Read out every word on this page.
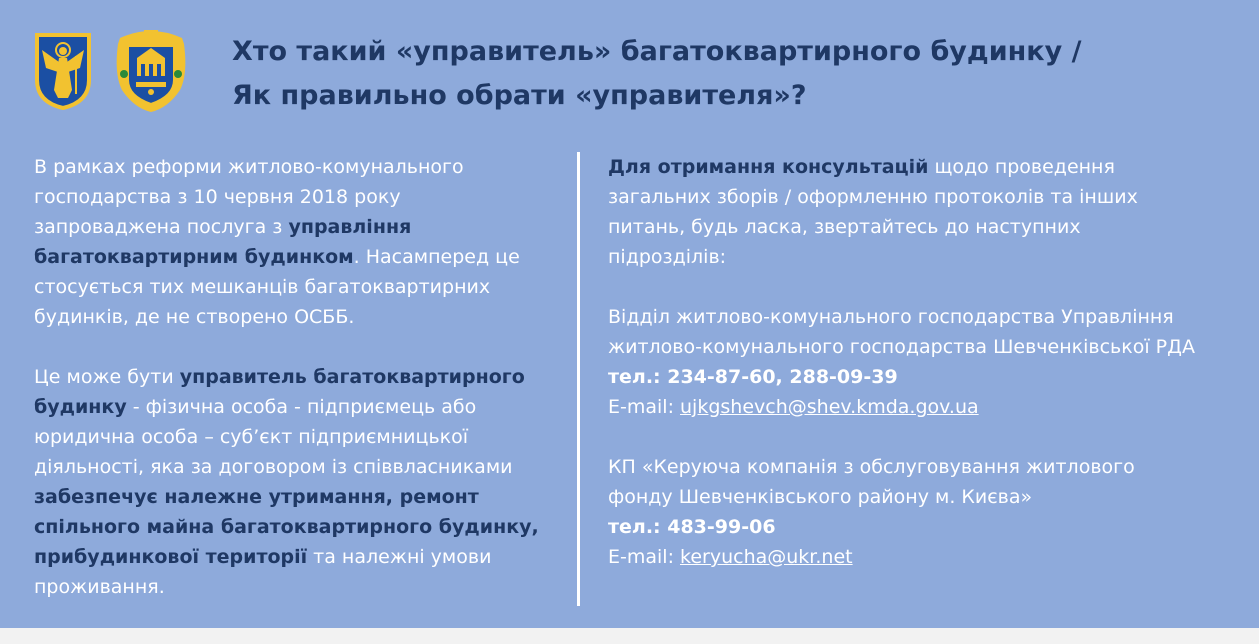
Хто такий «управитель» багатоквартирного будинку /
Як правильно обрати «управителя»?
В рамках реформи житлово-комунального
господарства з 10 червня 2018 року
запроваджена послуга з управління
багатоквартирним будинком. Насамперед це
стосується тих мешканців багатоквартирних
будинків, де не створено ОСББ.
Це може бути управитель багатоквартирного
будинку - фізична особа - підприємець або
юридична особа – суб’єкт підприємницької
діяльності, яка за договором із співвласниками
забезпечує належне утримання, ремонт
спільного майна багатоквартирного будинку,
прибудинкової території та належні умови
проживання.
Для отримання консультацій щодо проведення
загальних зборів / оформленню протоколів та інших
питань, будь ласка, звертайтесь до наступних
підрозділів:
Відділ житлово-комунального господарства Управління
житлово-комунального господарства Шевченківської РДА
тел.: 234-87-60, 288-09-39
E-mail: ujkgshevch@shev.kmda.gov.ua
КП «Керуюча компанія з обслуговування житлового
фонду Шевченківського району м. Києва»
тел.: 483-99-06
E-mail: keryucha@ukr.net
